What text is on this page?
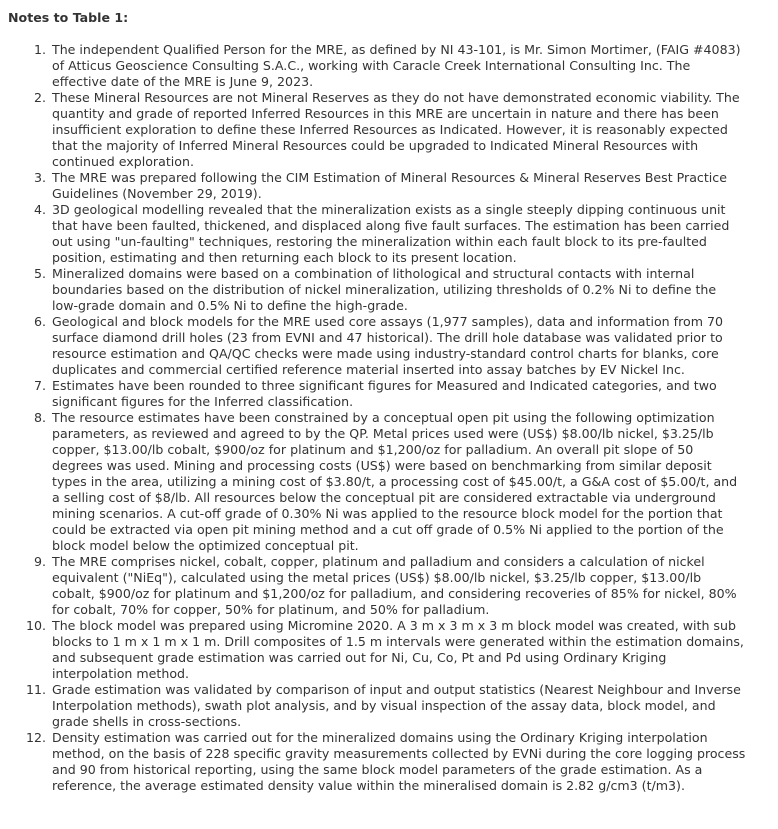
Notes to Table 1:
1. The independent Qualified Person for the MRE, as defined by NI 43-101, is Mr. Simon Mortimer, (FAIG #4083) of Atticus Geoscience Consulting S.A.C., working with Caracle Creek International Consulting Inc. The effective date of the MRE is June 9, 2023.
2. These Mineral Resources are not Mineral Reserves as they do not have demonstrated economic viability. The quantity and grade of reported Inferred Resources in this MRE are uncertain in nature and there has been insufficient exploration to define these Inferred Resources as Indicated. However, it is reasonably expected that the majority of Inferred Mineral Resources could be upgraded to Indicated Mineral Resources with continued exploration.
3. The MRE was prepared following the CIM Estimation of Mineral Resources & Mineral Reserves Best Practice Guidelines (November 29, 2019).
4. 3D geological modelling revealed that the mineralization exists as a single steeply dipping continuous unit that have been faulted, thickened, and displaced along five fault surfaces. The estimation has been carried out using "un-faulting" techniques, restoring the mineralization within each fault block to its pre-faulted position, estimating and then returning each block to its present location.
5. Mineralized domains were based on a combination of lithological and structural contacts with internal boundaries based on the distribution of nickel mineralization, utilizing thresholds of 0.2% Ni to define the low-grade domain and 0.5% Ni to define the high-grade.
6. Geological and block models for the MRE used core assays (1,977 samples), data and information from 70 surface diamond drill holes (23 from EVNI and 47 historical). The drill hole database was validated prior to resource estimation and QA/QC checks were made using industry-standard control charts for blanks, core duplicates and commercial certified reference material inserted into assay batches by EV Nickel Inc.
7. Estimates have been rounded to three significant figures for Measured and Indicated categories, and two significant figures for the Inferred classification.
8. The resource estimates have been constrained by a conceptual open pit using the following optimization parameters, as reviewed and agreed to by the QP. Metal prices used were (US$) $8.00/lb nickel, $3.25/lb copper, $13.00/lb cobalt, $900/oz for platinum and $1,200/oz for palladium. An overall pit slope of 50 degrees was used. Mining and processing costs (US$) were based on benchmarking from similar deposit types in the area, utilizing a mining cost of $3.80/t, a processing cost of $45.00/t, a G&A cost of $5.00/t, and a selling cost of $8/lb. All resources below the conceptual pit are considered extractable via underground mining scenarios. A cut-off grade of 0.30% Ni was applied to the resource block model for the portion that could be extracted via open pit mining method and a cut off grade of 0.5% Ni applied to the portion of the block model below the optimized conceptual pit.
9. The MRE comprises nickel, cobalt, copper, platinum and palladium and considers a calculation of nickel equivalent ("NiEq"), calculated using the metal prices (US$) $8.00/lb nickel, $3.25/lb copper, $13.00/lb cobalt, $900/oz for platinum and $1,200/oz for palladium, and considering recoveries of 85% for nickel, 80% for cobalt, 70% for copper, 50% for platinum, and 50% for palladium.
10. The block model was prepared using Micromine 2020. A 3 m x 3 m x 3 m block model was created, with sub blocks to 1 m x 1 m x 1 m. Drill composites of 1.5 m intervals were generated within the estimation domains, and subsequent grade estimation was carried out for Ni, Cu, Co, Pt and Pd using Ordinary Kriging interpolation method.
11. Grade estimation was validated by comparison of input and output statistics (Nearest Neighbour and Inverse Interpolation methods), swath plot analysis, and by visual inspection of the assay data, block model, and grade shells in cross-sections.
12. Density estimation was carried out for the mineralized domains using the Ordinary Kriging interpolation method, on the basis of 228 specific gravity measurements collected by EVNi during the core logging process and 90 from historical reporting, using the same block model parameters of the grade estimation. As a reference, the average estimated density value within the mineralised domain is 2.82 g/cm3 (t/m3).
